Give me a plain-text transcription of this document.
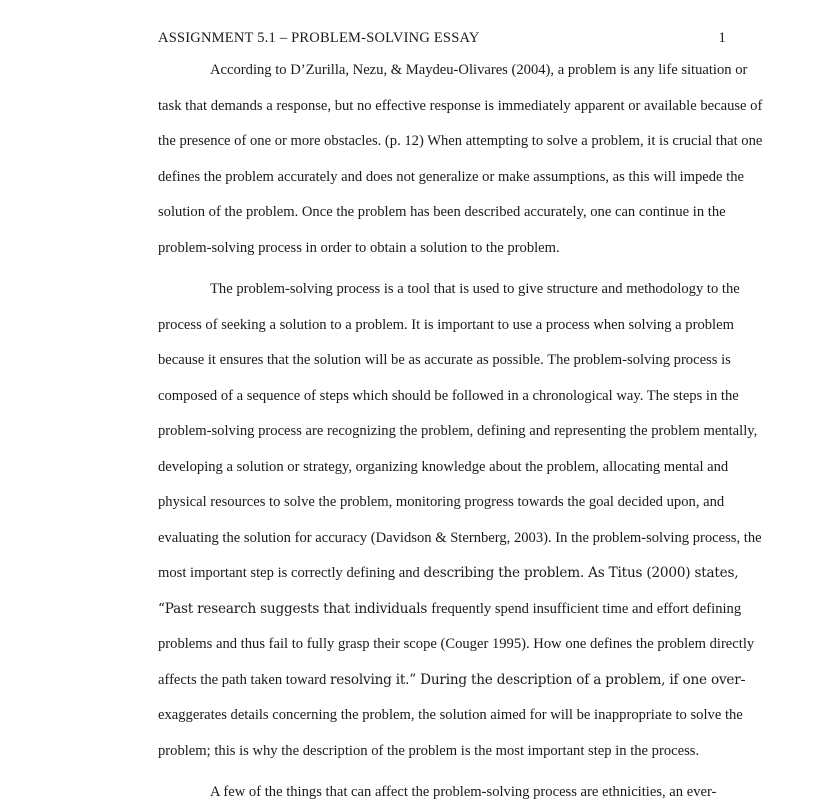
ASSIGNMENT 5.1 – PROBLEM-SOLVING ESSAY	1

According to D’Zurilla, Nezu, & Maydeu-Olivares (2004), a problem is any life situation or task that demands a response, but no effective response is immediately apparent or available because of the presence of one or more obstacles. (p. 12) When attempting to solve a problem, it is crucial that one defines the problem accurately and does not generalize or make assumptions, as this will impede the solution of the problem. Once the problem has been described accurately, one can continue in the problem-solving process in order to obtain a solution to the problem.

The problem-solving process is a tool that is used to give structure and methodology to the process of seeking a solution to a problem. It is important to use a process when solving a problem because it ensures that the solution will be as accurate as possible. The problem-solving process is composed of a sequence of steps which should be followed in a chronological way. The steps in the problem-solving process are recognizing the problem, defining and representing the problem mentally, developing a solution or strategy, organizing knowledge about the problem, allocating mental and physical resources to solve the problem, monitoring progress towards the goal decided upon, and evaluating the solution for accuracy (Davidson & Sternberg, 2003). In the problem-solving process, the most important step is correctly defining and describing the problem. As Titus (2000) states, “Past research suggests that individuals frequently spend insufficient time and effort defining problems and thus fail to fully grasp their scope (Couger 1995). How one defines the problem directly affects the path taken toward resolving it.” During the description of a problem, if one over-exaggerates details concerning the problem, the solution aimed for will be inappropriate to solve the problem; this is why the description of the problem is the most important step in the process.

A few of the things that can affect the problem-solving process are ethnicities, an ever-
